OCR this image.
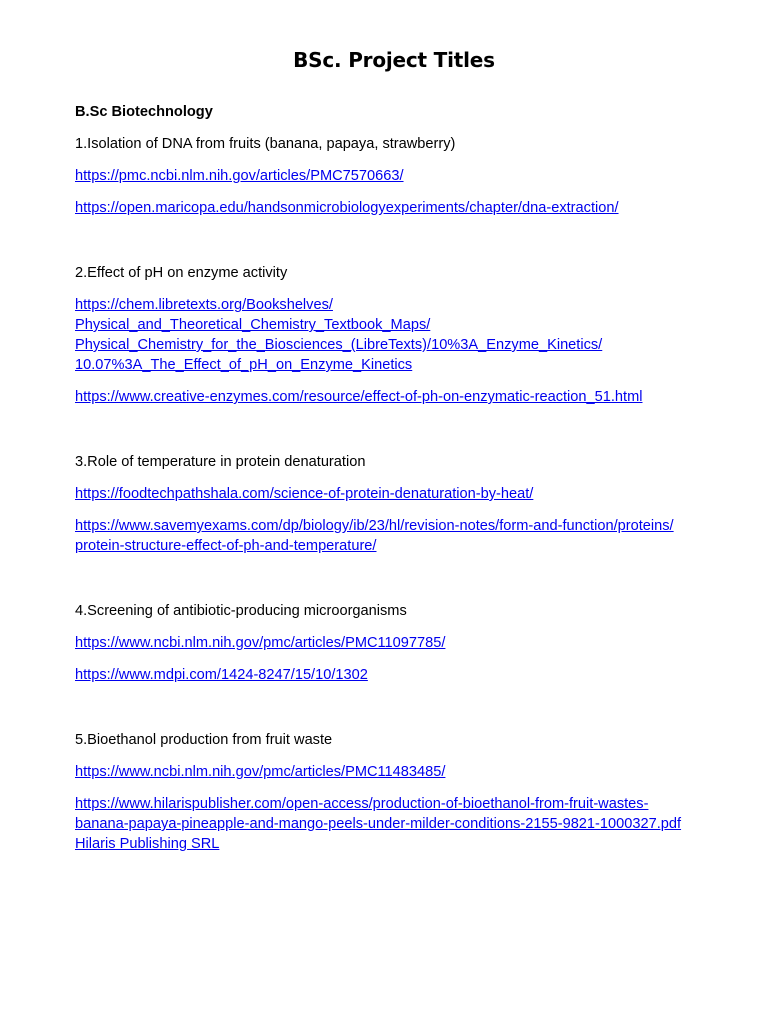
BSc. Project Titles
B.Sc Biotechnology
1.Isolation of DNA from fruits (banana, papaya, strawberry)
https://pmc.ncbi.nlm.nih.gov/articles/PMC7570663/
https://open.maricopa.edu/handsonmicrobiologyexperiments/chapter/dna-extraction/
2.Effect of pH on enzyme activity
https://chem.libretexts.org/Bookshelves/
Physical_and_Theoretical_Chemistry_Textbook_Maps/
Physical_Chemistry_for_the_Biosciences_(LibreTexts)/10%3A_Enzyme_Kinetics/
10.07%3A_The_Effect_of_pH_on_Enzyme_Kinetics
https://www.creative-enzymes.com/resource/effect-of-ph-on-enzymatic-reaction_51.html
3.Role of temperature in protein denaturation
https://foodtechpathshala.com/science-of-protein-denaturation-by-heat/
https://www.savemyexams.com/dp/biology/ib/23/hl/revision-notes/form-and-function/proteins/
protein-structure-effect-of-ph-and-temperature/
4.Screening of antibiotic-producing microorganisms
https://www.ncbi.nlm.nih.gov/pmc/articles/PMC11097785/
https://www.mdpi.com/1424-8247/15/10/1302
5.Bioethanol production from fruit waste
https://www.ncbi.nlm.nih.gov/pmc/articles/PMC11483485/
https://www.hilarispublisher.com/open-access/production-of-bioethanol-from-fruit-wastes-
banana-papaya-pineapple-and-mango-peels-under-milder-conditions-2155-9821-1000327.pdf
Hilaris Publishing SRL
